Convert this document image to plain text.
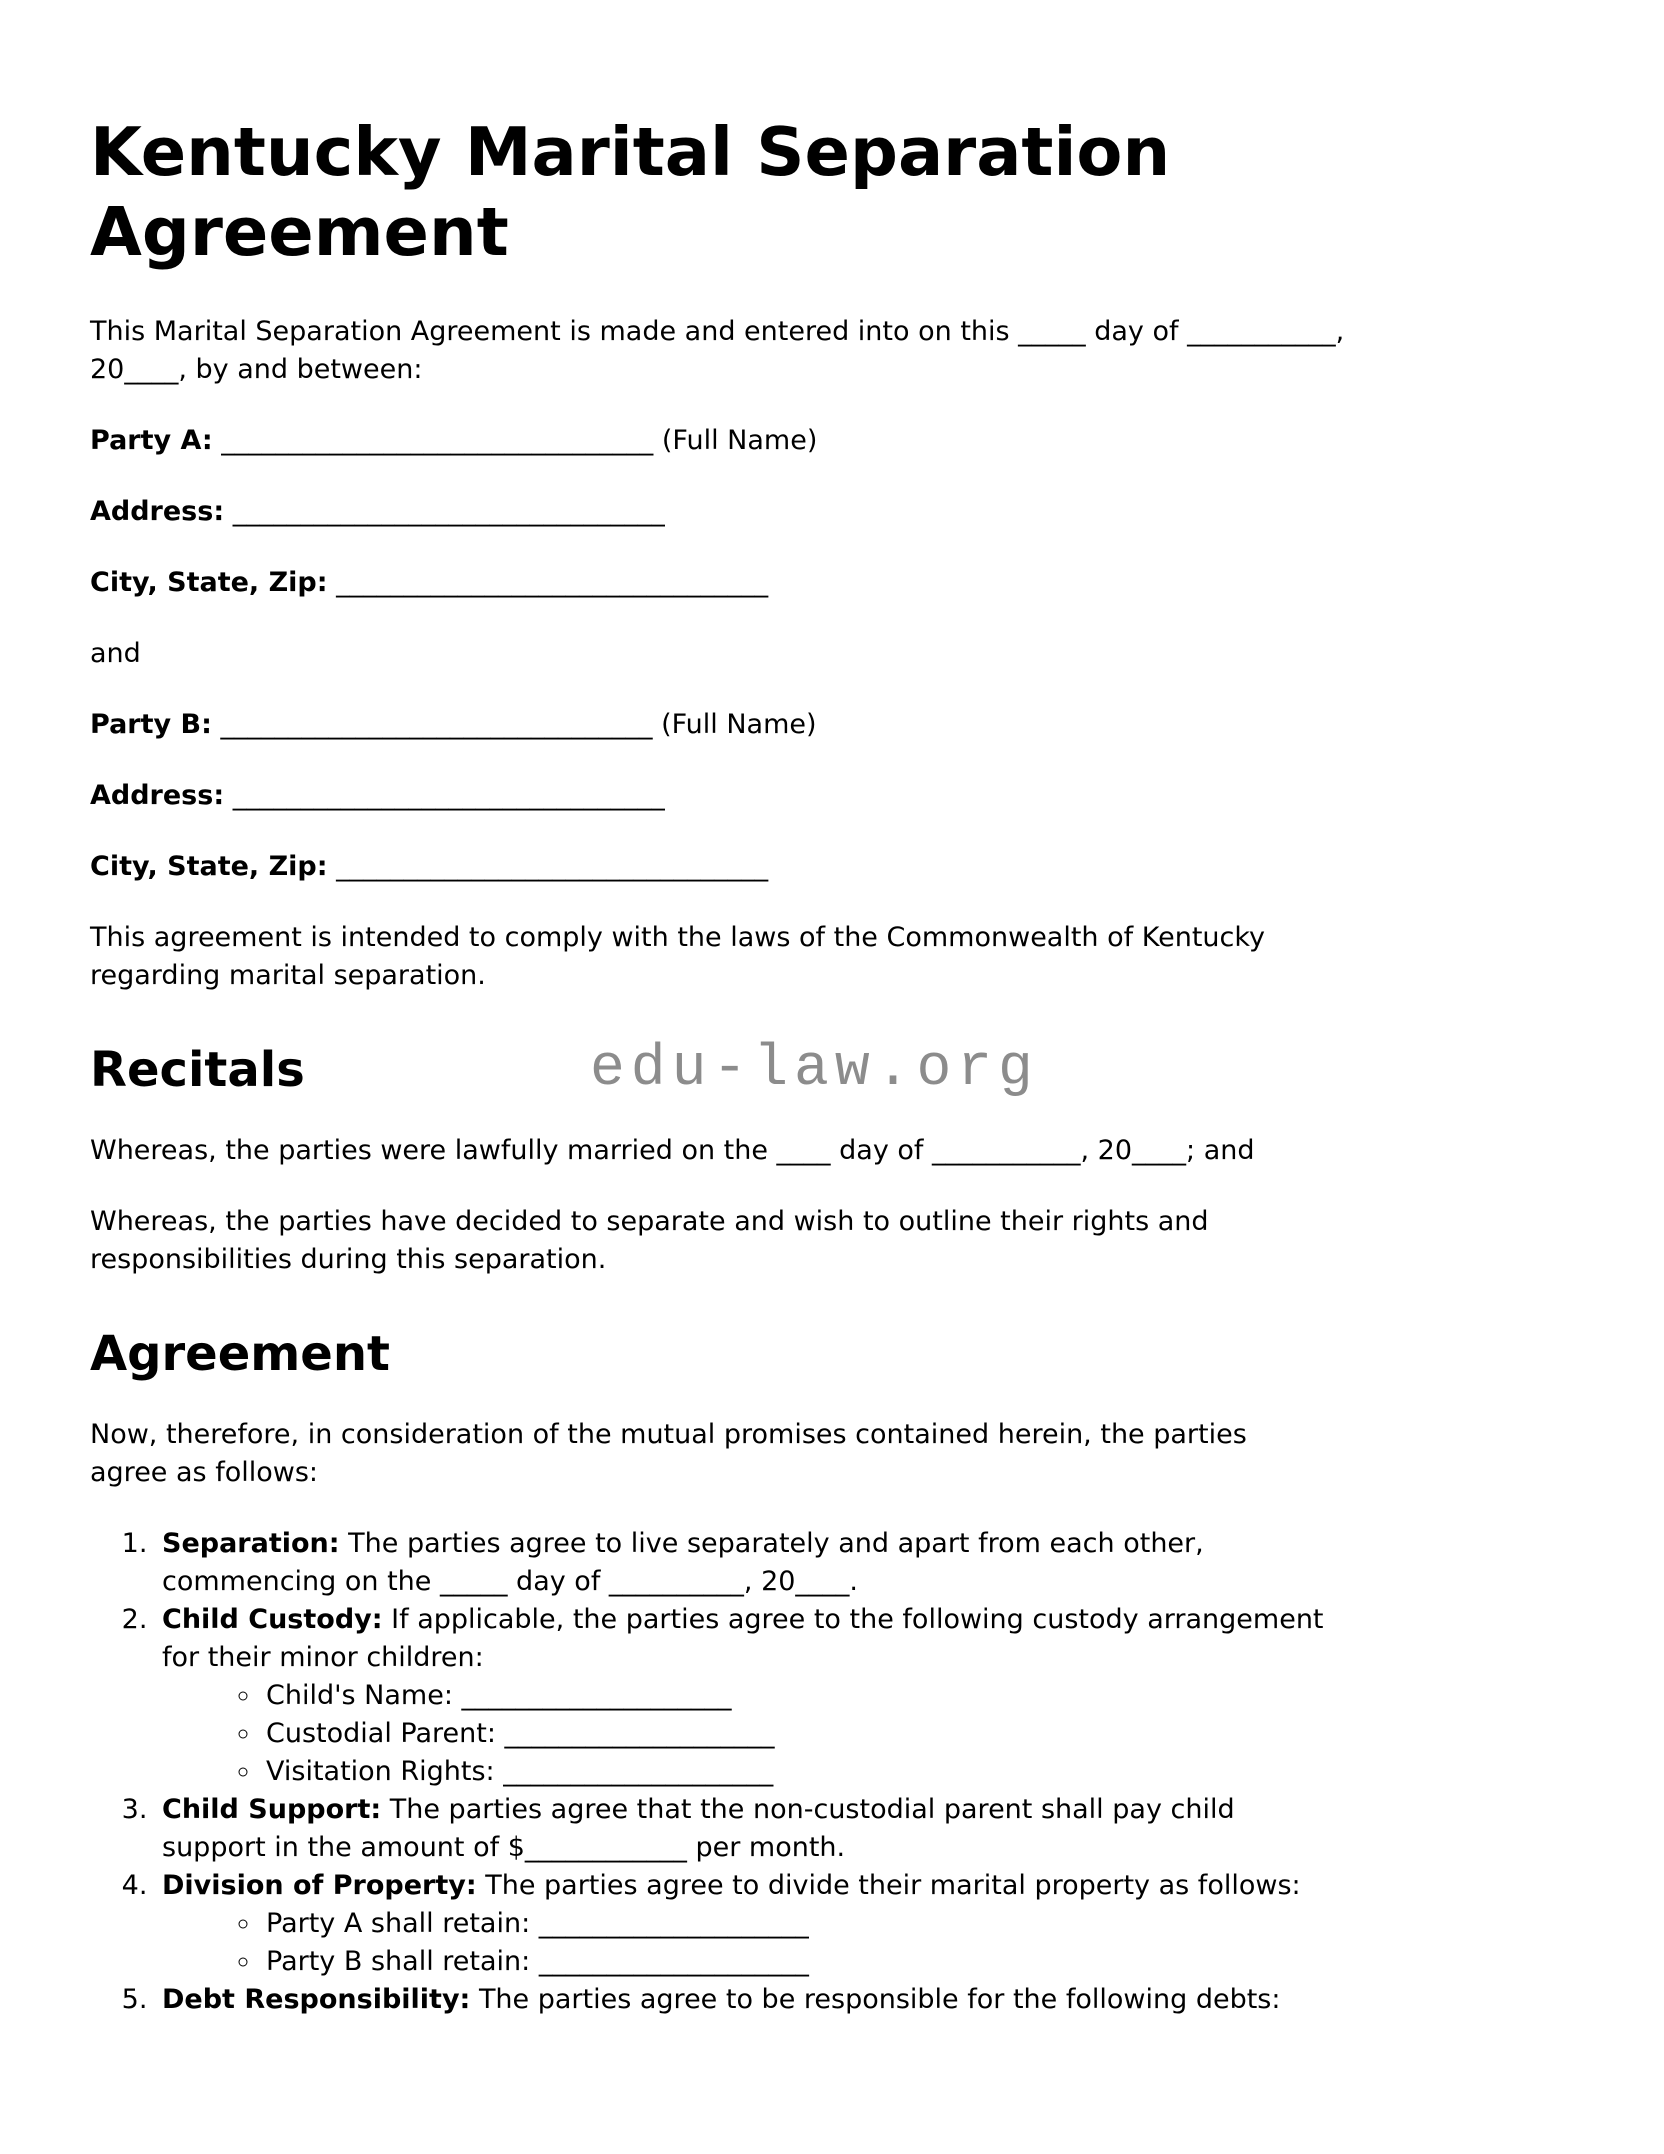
Kentucky Marital Separation Agreement

This Marital Separation Agreement is made and entered into on this _____ day of ___________,
20____, by and between:

Party A: ________________________________ (Full Name)

Address: ________________________________

City, State, Zip: ________________________________

and

Party B: ________________________________ (Full Name)

Address: ________________________________

City, State, Zip: ________________________________

This agreement is intended to comply with the laws of the Commonwealth of Kentucky
regarding marital separation.

Recitals	edu-law.org

Whereas, the parties were lawfully married on the ____ day of ___________, 20____; and

Whereas, the parties have decided to separate and wish to outline their rights and
responsibilities during this separation.

Agreement

Now, therefore, in consideration of the mutual promises contained herein, the parties
agree as follows:

1. Separation: The parties agree to live separately and apart from each other,
commencing on the _____ day of __________, 20____.
2. Child Custody: If applicable, the parties agree to the following custody arrangement
for their minor children:
◦ Child's Name: ____________________
◦ Custodial Parent: ____________________
◦ Visitation Rights: ____________________
3. Child Support: The parties agree that the non-custodial parent shall pay child
support in the amount of $____________ per month.
4. Division of Property: The parties agree to divide their marital property as follows:
◦ Party A shall retain: ____________________
◦ Party B shall retain: ____________________
5. Debt Responsibility: The parties agree to be responsible for the following debts:
